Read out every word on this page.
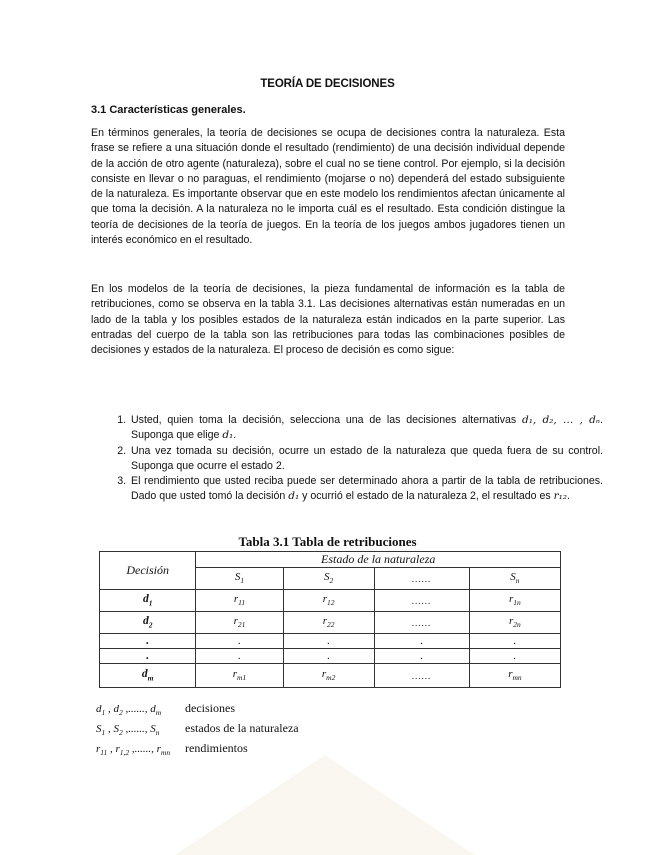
TEORÍA DE DECISIONES
3.1 Características generales.

En términos generales, la teoría de decisiones se ocupa de decisiones contra la naturaleza. Esta frase se refiere a una situación donde el resultado (rendimiento) de una decisión individual depende de la acción de otro agente (naturaleza), sobre el cual no se tiene control. Por ejemplo, si la decisión consiste en llevar o no paraguas, el rendimiento (mojarse o no) dependerá del estado subsiguiente de la naturaleza. Es importante observar que en este modelo los rendimientos afectan únicamente al que toma la decisión. A la naturaleza no le importa cuál es el resultado. Esta condición distingue la teoría de decisiones de la teoría de juegos. En la teoría de los juegos ambos jugadores tienen un interés económico en el resultado.

En los modelos de la teoría de decisiones, la pieza fundamental de información es la tabla de retribuciones, como se observa en la tabla 3.1. Las decisiones alternativas están numeradas en un lado de la tabla y los posibles estados de la naturaleza están indicados en la parte superior. Las entradas del cuerpo de la tabla son las retribuciones para todas las combinaciones posibles de decisiones y estados de la naturaleza. El proceso de decisión es como sigue:

1. Usted, quien toma la decisión, selecciona una de las decisiones alternativas d₁, d₂, … , dₙ. Suponga que elige d₁.
2. Una vez tomada su decisión, ocurre un estado de la naturaleza que queda fuera de su control. Suponga que ocurre el estado 2.
3. El rendimiento que usted reciba puede ser determinado ahora a partir de la tabla de retribuciones. Dado que usted tomó la decisión d₁ y ocurrió el estado de la naturaleza 2, el resultado es r₁₂.

Tabla 3.1 Tabla de retribuciones

Decisión	Estado de la naturaleza			
	$S_1$	$S_2$	......	$S_n$
$d_1$	$r_{11}$	$r_{12}$	......	$r_{1n}$
$d_2$	$r_{21}$	$r_{22}$	......	$r_{2n}$
.	.	.	.	.
.	.	.	.	.
$d_m$	$r_{m1}$	$r_{m2}$	......	$r_{mn}$

$d_1$ , $d_2$ ,......, $d_m$ decisiones

$S_1$ , $S_2$ ,......, $S_n$ estados de la naturaleza

$r_{11}$ , $r_{1,2}$ ,......, $r_{mn}$ rendimientos
